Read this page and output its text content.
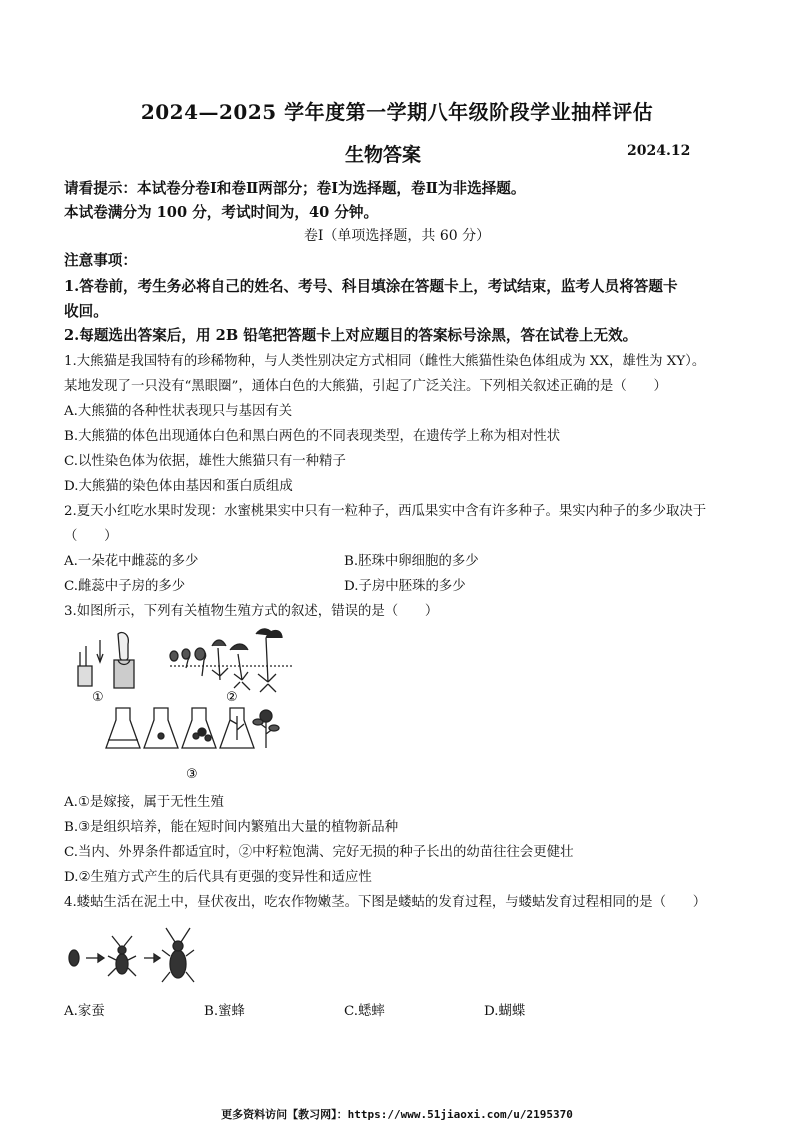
2024—2025 学年度第一学期八年级阶段学业抽样评估
生物答案	2024.12
请看提示：本试卷分卷Ⅰ和卷Ⅱ两部分；卷Ⅰ为选择题，卷Ⅱ为非选择题。
本试卷满分为 100 分，考试时间为，40 分钟。
卷Ⅰ（单项选择题，共 60 分）
注意事项：
1.答卷前，考生务必将自己的姓名、考号、科目填涂在答题卡上，考试结束，监考人员将答题卡
收回。
2.每题选出答案后，用 2B 铅笔把答题卡上对应题目的答案标号涂黑，答在试卷上无效。
1.大熊猫是我国特有的珍稀物种，与人类性别决定方式相同（雌性大熊猫性染色体组成为 XX，雄性为 XY）。
某地发现了一只没有“黑眼圈”，通体白色的大熊猫，引起了广泛关注。下列相关叙述正确的是（　　）
A.大熊猫的各种性状表现只与基因有关
B.大熊猫的体色出现通体白色和黑白两色的不同表现类型，在遗传学上称为相对性状
C.以性染色体为依据，雄性大熊猫只有一种精子
D.大熊猫的染色体由基因和蛋白质组成
2.夏天小红吃水果时发现：水蜜桃果实中只有一粒种子，西瓜果实中含有许多种子。果实内种子的多少取决于
（　　）
A.一朵花中雌蕊的多少	B.胚珠中卵细胞的多少
C.雌蕊中子房的多少	D.子房中胚珠的多少
3.如图所示，下列有关植物生殖方式的叙述，错误的是（　　）
①	②
③
A.①是嫁接，属于无性生殖
B.③是组织培养，能在短时间内繁殖出大量的植物新品种
C.当内、外界条件都适宜时，②中籽粒饱满、完好无损的种子长出的幼苗往往会更健壮
D.②生殖方式产生的后代具有更强的变异性和适应性
4.蝼蛄生活在泥土中，昼伏夜出，吃农作物嫩茎。下图是蝼蛄的发育过程，与蝼蛄发育过程相同的是（　　）
A.家蚕	B.蜜蜂	C.蟋蟀	D.蝴蝶
更多资料访问【教习网】：https://www.51jiaoxi.com/u/2195370
